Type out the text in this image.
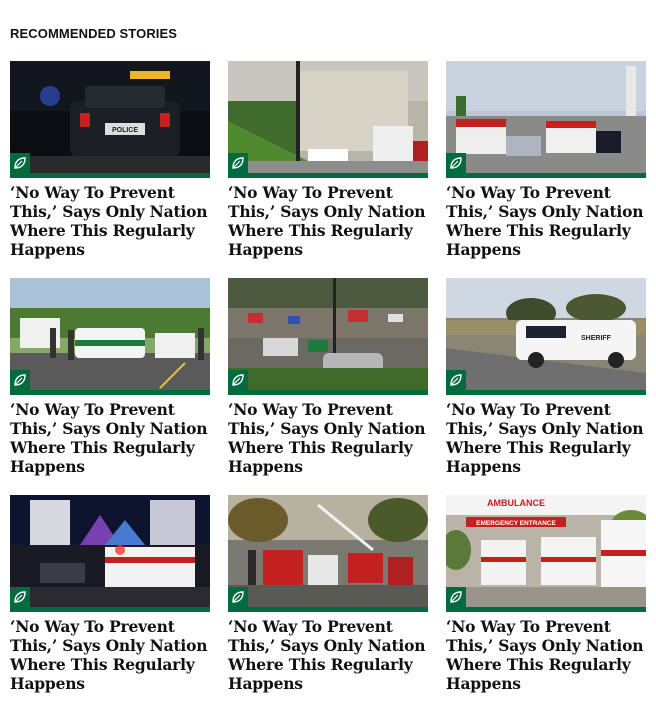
RECOMMENDED STORIES
POLICE

‘No Way To Prevent This,’ Says Only Nation Where This Regularly Happens

‘No Way To Prevent This,’ Says Only Nation Where This Regularly Happens

‘No Way To Prevent This,’ Says Only Nation Where This Regularly Happens

‘No Way To Prevent This,’ Says Only Nation Where This Regularly Happens

‘No Way To Prevent This,’ Says Only Nation Where This Regularly Happens

SHERIFF

‘No Way To Prevent This,’ Says Only Nation Where This Regularly Happens

‘No Way To Prevent This,’ Says Only Nation Where This Regularly Happens

‘No Way To Prevent This,’ Says Only Nation Where This Regularly Happens

AMBULANCE
EMERGENCY ENTRANCE

‘No Way To Prevent This,’ Says Only Nation Where This Regularly Happens
